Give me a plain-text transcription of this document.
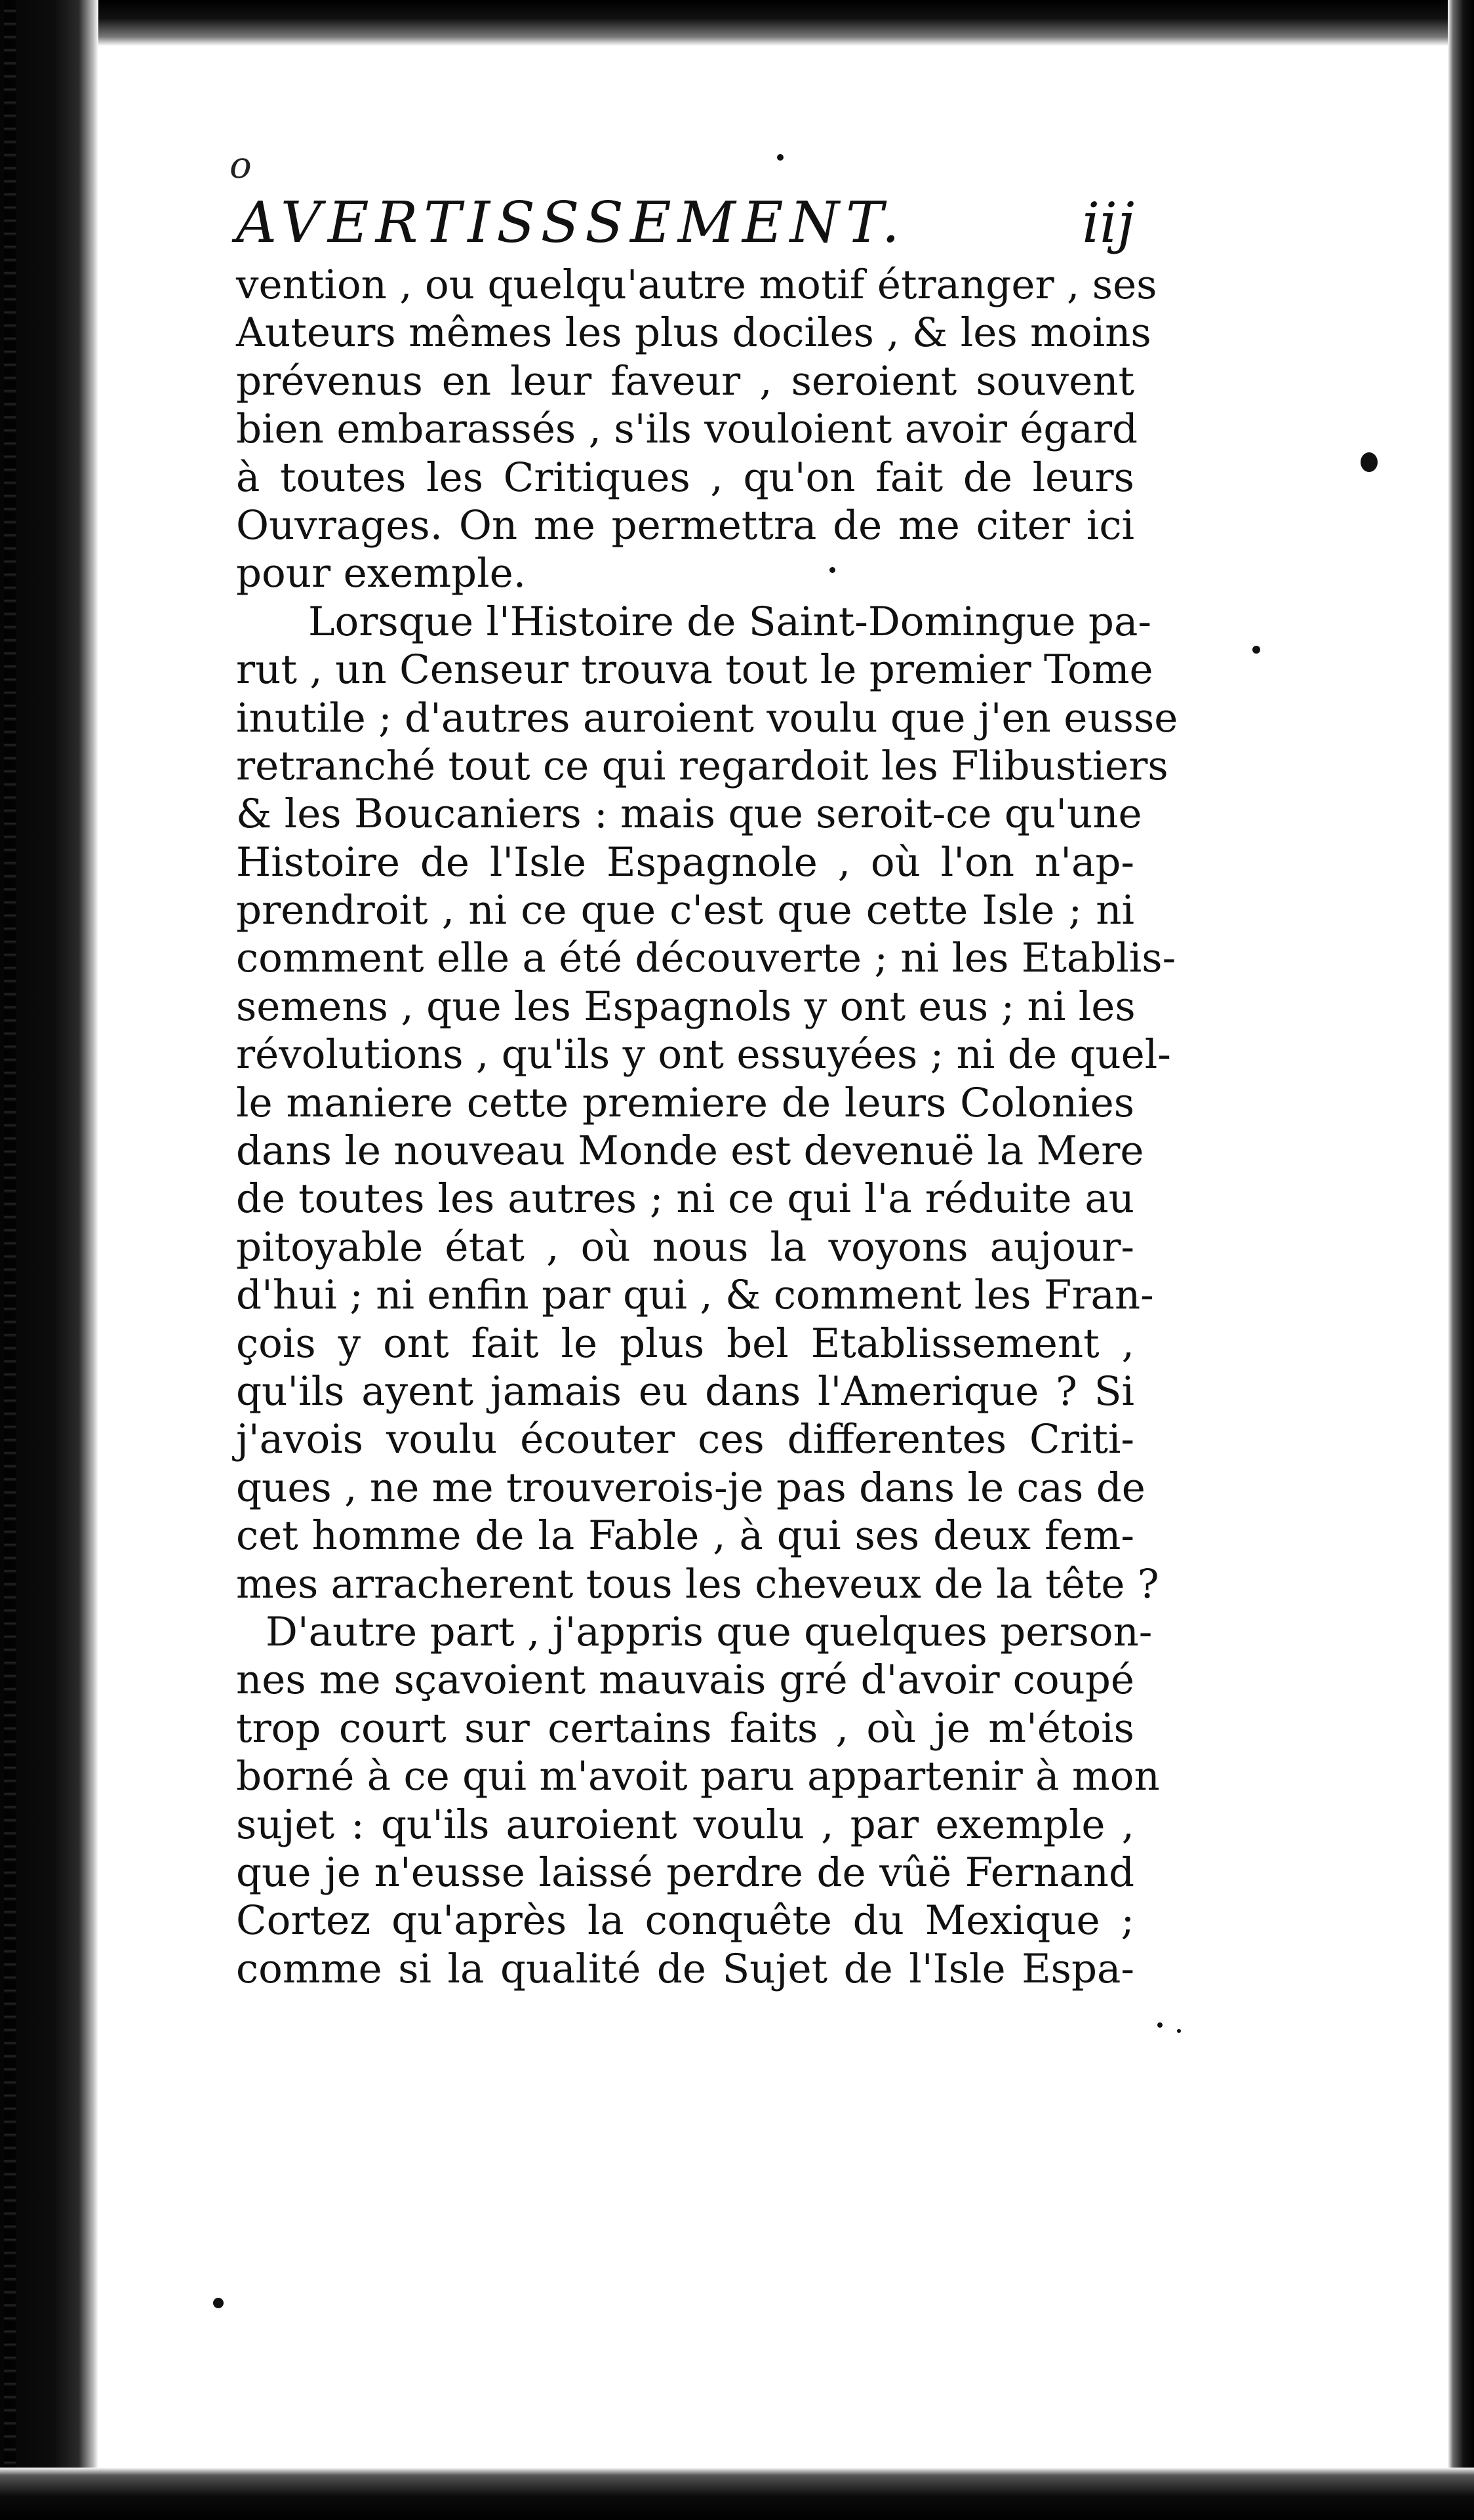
o
AVERTISSSEMENT.	iij
vention , ou quelqu'autre motif étranger , ses
Auteurs mêmes les plus dociles , & les moins
prévenus en leur faveur , seroient souvent
bien embarassés , s'ils vouloient avoir égard
à toutes les Critiques , qu'on fait de leurs
Ouvrages. On me permettra de me citer ici
pour exemple.
Lorsque l'Histoire de Saint-Domingue pa-
rut , un Censeur trouva tout le premier Tome
inutile ; d'autres auroient voulu que j'en eusse
retranché tout ce qui regardoit les Flibustiers
& les Boucaniers : mais que seroit-ce qu'une
Histoire de l'Isle Espagnole , où l'on n'ap-
prendroit , ni ce que c'est que cette Isle ; ni
comment elle a été découverte ; ni les Etablis-
semens , que les Espagnols y ont eus ; ni les
révolutions , qu'ils y ont essuyées ; ni de quel-
le maniere cette premiere de leurs Colonies
dans le nouveau Monde est devenuë la Mere
de toutes les autres ; ni ce qui l'a réduite au
pitoyable état , où nous la voyons aujour-
d'hui ; ni enfin par qui , & comment les Fran-
çois y ont fait le plus bel Etablissement ,
qu'ils ayent jamais eu dans l'Amerique ? Si
j'avois voulu écouter ces differentes Criti-
ques , ne me trouverois-je pas dans le cas de
cet homme de la Fable , à qui ses deux fem-
mes arracherent tous les cheveux de la tête ?
D'autre part , j'appris que quelques person-
nes me sçavoient mauvais gré d'avoir coupé
trop court sur certains faits , où je m'étois
borné à ce qui m'avoit paru appartenir à mon
sujet : qu'ils auroient voulu , par exemple ,
que je n'eusse laissé perdre de vûë Fernand
Cortez qu'après la conquête du Mexique ;
comme si la qualité de Sujet de l'Isle Espa-
